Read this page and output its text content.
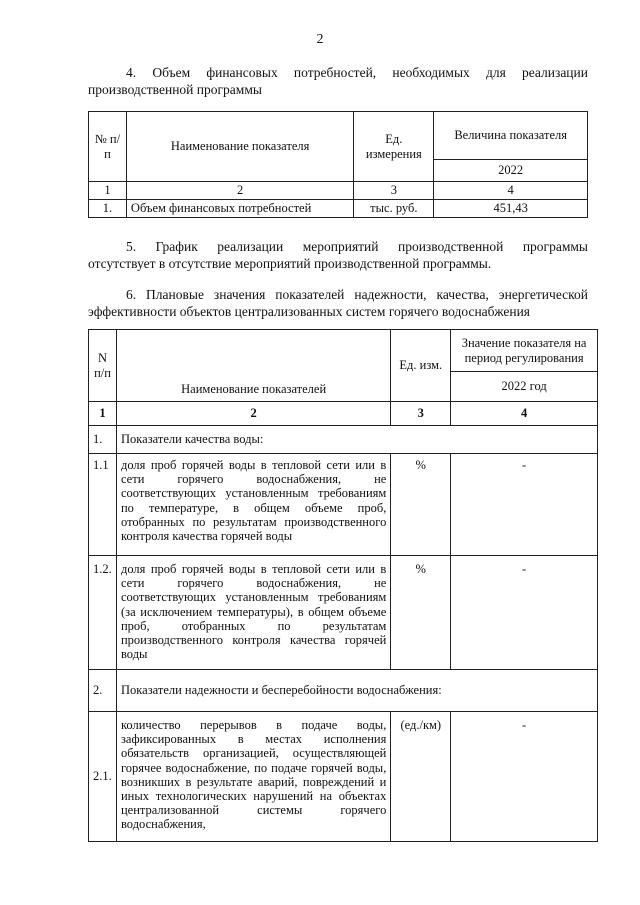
2
4. Объем финансовых потребностей, необходимых для реализации
производственной программы
№ п/п	Наименование показателя	Ед. измерения	Величина показателя
			2022
1	2	3	4
1.	Объем финансовых потребностей	тыс. руб.	451,43
5. График реализации мероприятий производственной программы
отсутствует в отсутствие мероприятий производственной программы.
6. Плановые значения показателей надежности, качества, энергетической
эффективности объектов централизованных систем горячего водоснабжения
N п/п	Наименование показателей	Ед. изм.	Значение показателя на период регулирования
			2022 год
1	2	3	4
1.	Показатели качества воды:		
1.1	доля проб горячей воды в тепловой сети или в сети горячего водоснабжения, не соответствующих установленным требованиям по температуре, в общем объеме проб, отобранных по результатам производственного контроля качества горячей воды	%	-
1.2.	доля проб горячей воды в тепловой сети или в сети горячего водоснабжения, не соответствующих установленным требованиям (за исключением температуры), в общем объеме проб, отобранных по результатам производственного контроля качества горячей воды	%	-
2.	Показатели надежности и бесперебойности водоснабжения:		
2.1.	количество перерывов в подаче воды, зафиксированных в местах исполнения обязательств организацией, осуществляющей горячее водоснабжение, по подаче горячей воды, возникших в результате аварий, повреждений и иных технологических нарушений на объектах централизованной системы горячего водоснабжения,	(ед./км)	-
